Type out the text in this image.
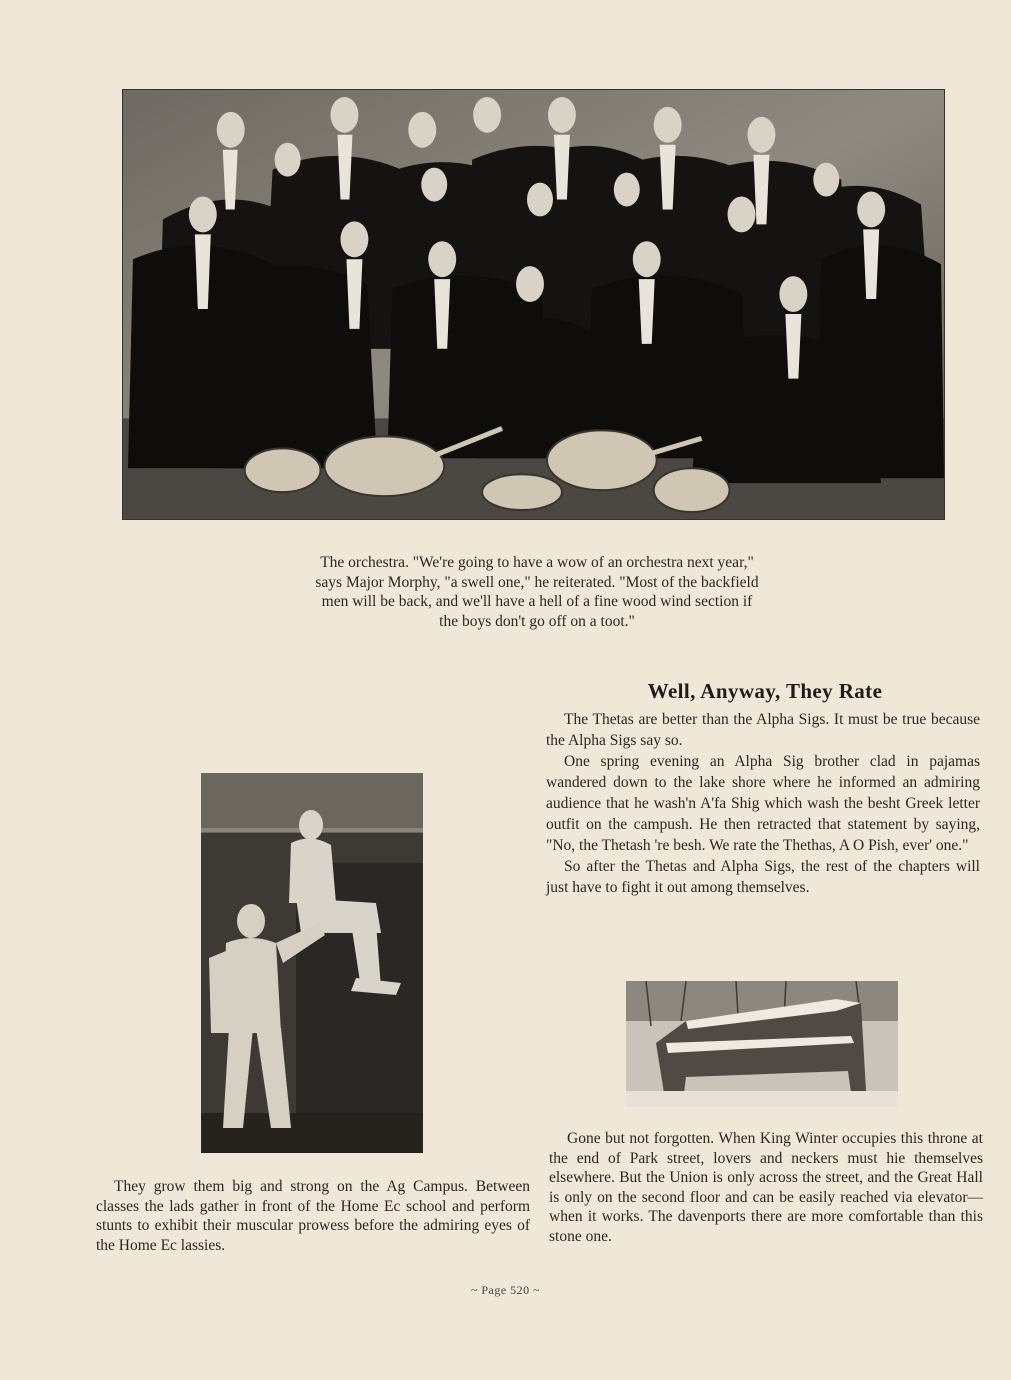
The orchestra. "We're going to have a wow of an orchestra next year," says Major Morphy, "a swell one," he reiterated. "Most of the backfield men will be back, and we'll have a hell of a fine wood wind section if the boys don't go off on a toot."

Well, Anyway, They Rate

The Thetas are better than the Alpha Sigs. It must be true because the Alpha Sigs say so.

One spring evening an Alpha Sig brother clad in pajamas wandered down to the lake shore where he informed an admiring audience that he wash'n A'fa Shig which wash the besht Greek letter outfit on the campush. He then retracted that statement by saying, "No, the Thetash 're besh. We rate the Thethas, A O Pish, ever' one."

So after the Thetas and Alpha Sigs, the rest of the chapters will just have to fight it out among themselves.

They grow them big and strong on the Ag Campus. Between classes the lads gather in front of the Home Ec school and perform stunts to exhibit their muscular prowess before the admiring eyes of the Home Ec lassies.

Gone but not forgotten. When King Winter occupies this throne at the end of Park street, lovers and neckers must hie themselves elsewhere. But the Union is only across the street, and the Great Hall is only on the second floor and can be easily reached via elevator—when it works. The davenports there are more comfortable than this stone one.

~ Page 520 ~
